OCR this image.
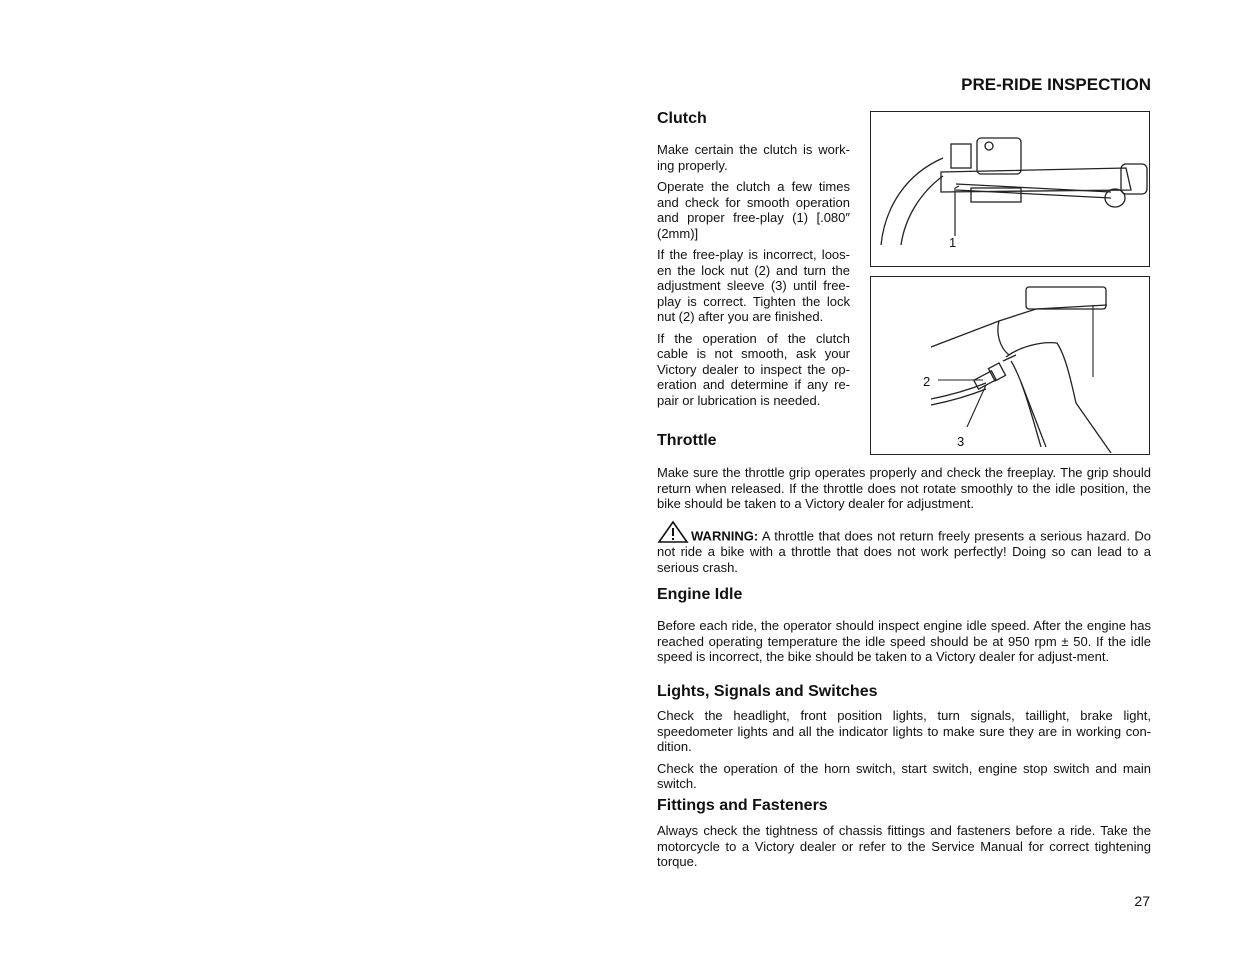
PRE-RIDE INSPECTION
Clutch

Make certain the clutch is work-ing properly.

Operate the clutch a few times and check for smooth operation and proper free-play (1) [.080″ (2mm)]

If the free-play is incorrect, loos-en the lock nut (2) and turn the adjustment sleeve (3) until free-play is correct. Tighten the lock nut (2) after you are finished.

If the operation of the clutch cable is not smooth, ask your Victory dealer to inspect the op-eration and determine if any re-pair or lubrication is needed.

1
2
3
Throttle

Make sure the throttle grip operates properly and check the freeplay. The grip should return when released. If the throttle does not rotate smoothly to the idle position, the bike should be taken to a Victory dealer for adjustment.

WARNING: A throttle that does not return freely presents a serious hazard. Do not ride a bike with a throttle that does not work perfectly! Doing so can lead to a serious crash.
Engine Idle

Before each ride, the operator should inspect engine idle speed. After the engine has reached operating temperature the idle speed should be at 950 rpm ± 50. If the idle speed is incorrect, the bike should be taken to a Victory dealer for adjust-ment.

Lights, Signals and Switches

Check the headlight, front position lights, turn signals, taillight, brake light, speedometer lights and all the indicator lights to make sure they are in working con-dition.

Check the operation of the horn switch, start switch, engine stop switch and main switch.

Fittings and Fasteners

Always check the tightness of chassis fittings and fasteners before a ride. Take the motorcycle to a Victory dealer or refer to the Service Manual for correct tightening torque.

27
